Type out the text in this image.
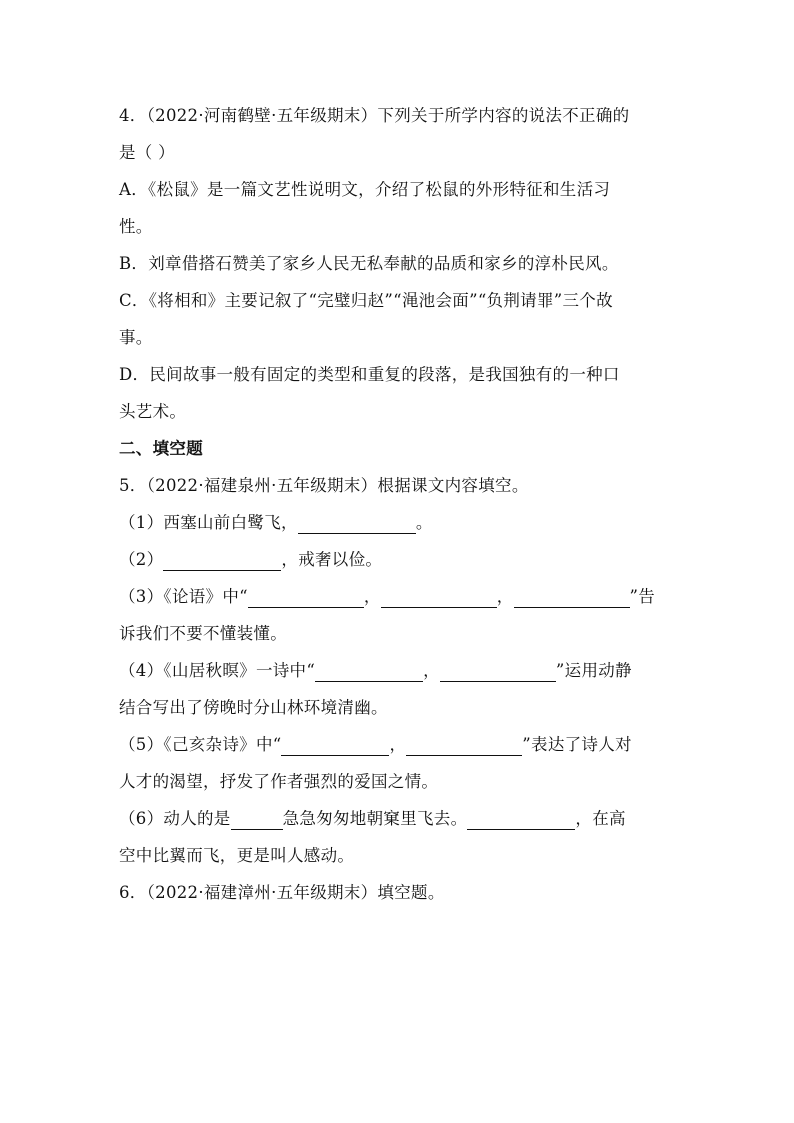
4．（2022·河南鹤壁·五年级期末）下列关于所学内容的说法不正确的
是（ ）
A．《松鼠》是一篇文艺性说明文，介绍了松鼠的外形特征和生活习
性。
B．刘章借搭石赞美了家乡人民无私奉献的品质和家乡的淳朴民风。
C．《将相和》主要记叙了“完璧归赵”“渑池会面”“负荆请罪”三个故
事。
D．民间故事一般有固定的类型和重复的段落，是我国独有的一种口
头艺术。
二、填空题
5．（2022·福建泉州·五年级期末）根据课文内容填空。
（1）西塞山前白鹭飞，	。
（2）	，戒奢以俭。
（3）《论语》中“	，	，	”告
诉我们不要不懂装懂。
（4）《山居秋暝》一诗中“	，	”运用动静
结合写出了傍晚时分山林环境清幽。
（5）《己亥杂诗》中“	，	”表达了诗人对
人才的渴望，抒发了作者强烈的爱国之情。
（6）动人的是	急急匆匆地朝窠里飞去。	，在高
空中比翼而飞，更是叫人感动。
6．（2022·福建漳州·五年级期末）填空题。
